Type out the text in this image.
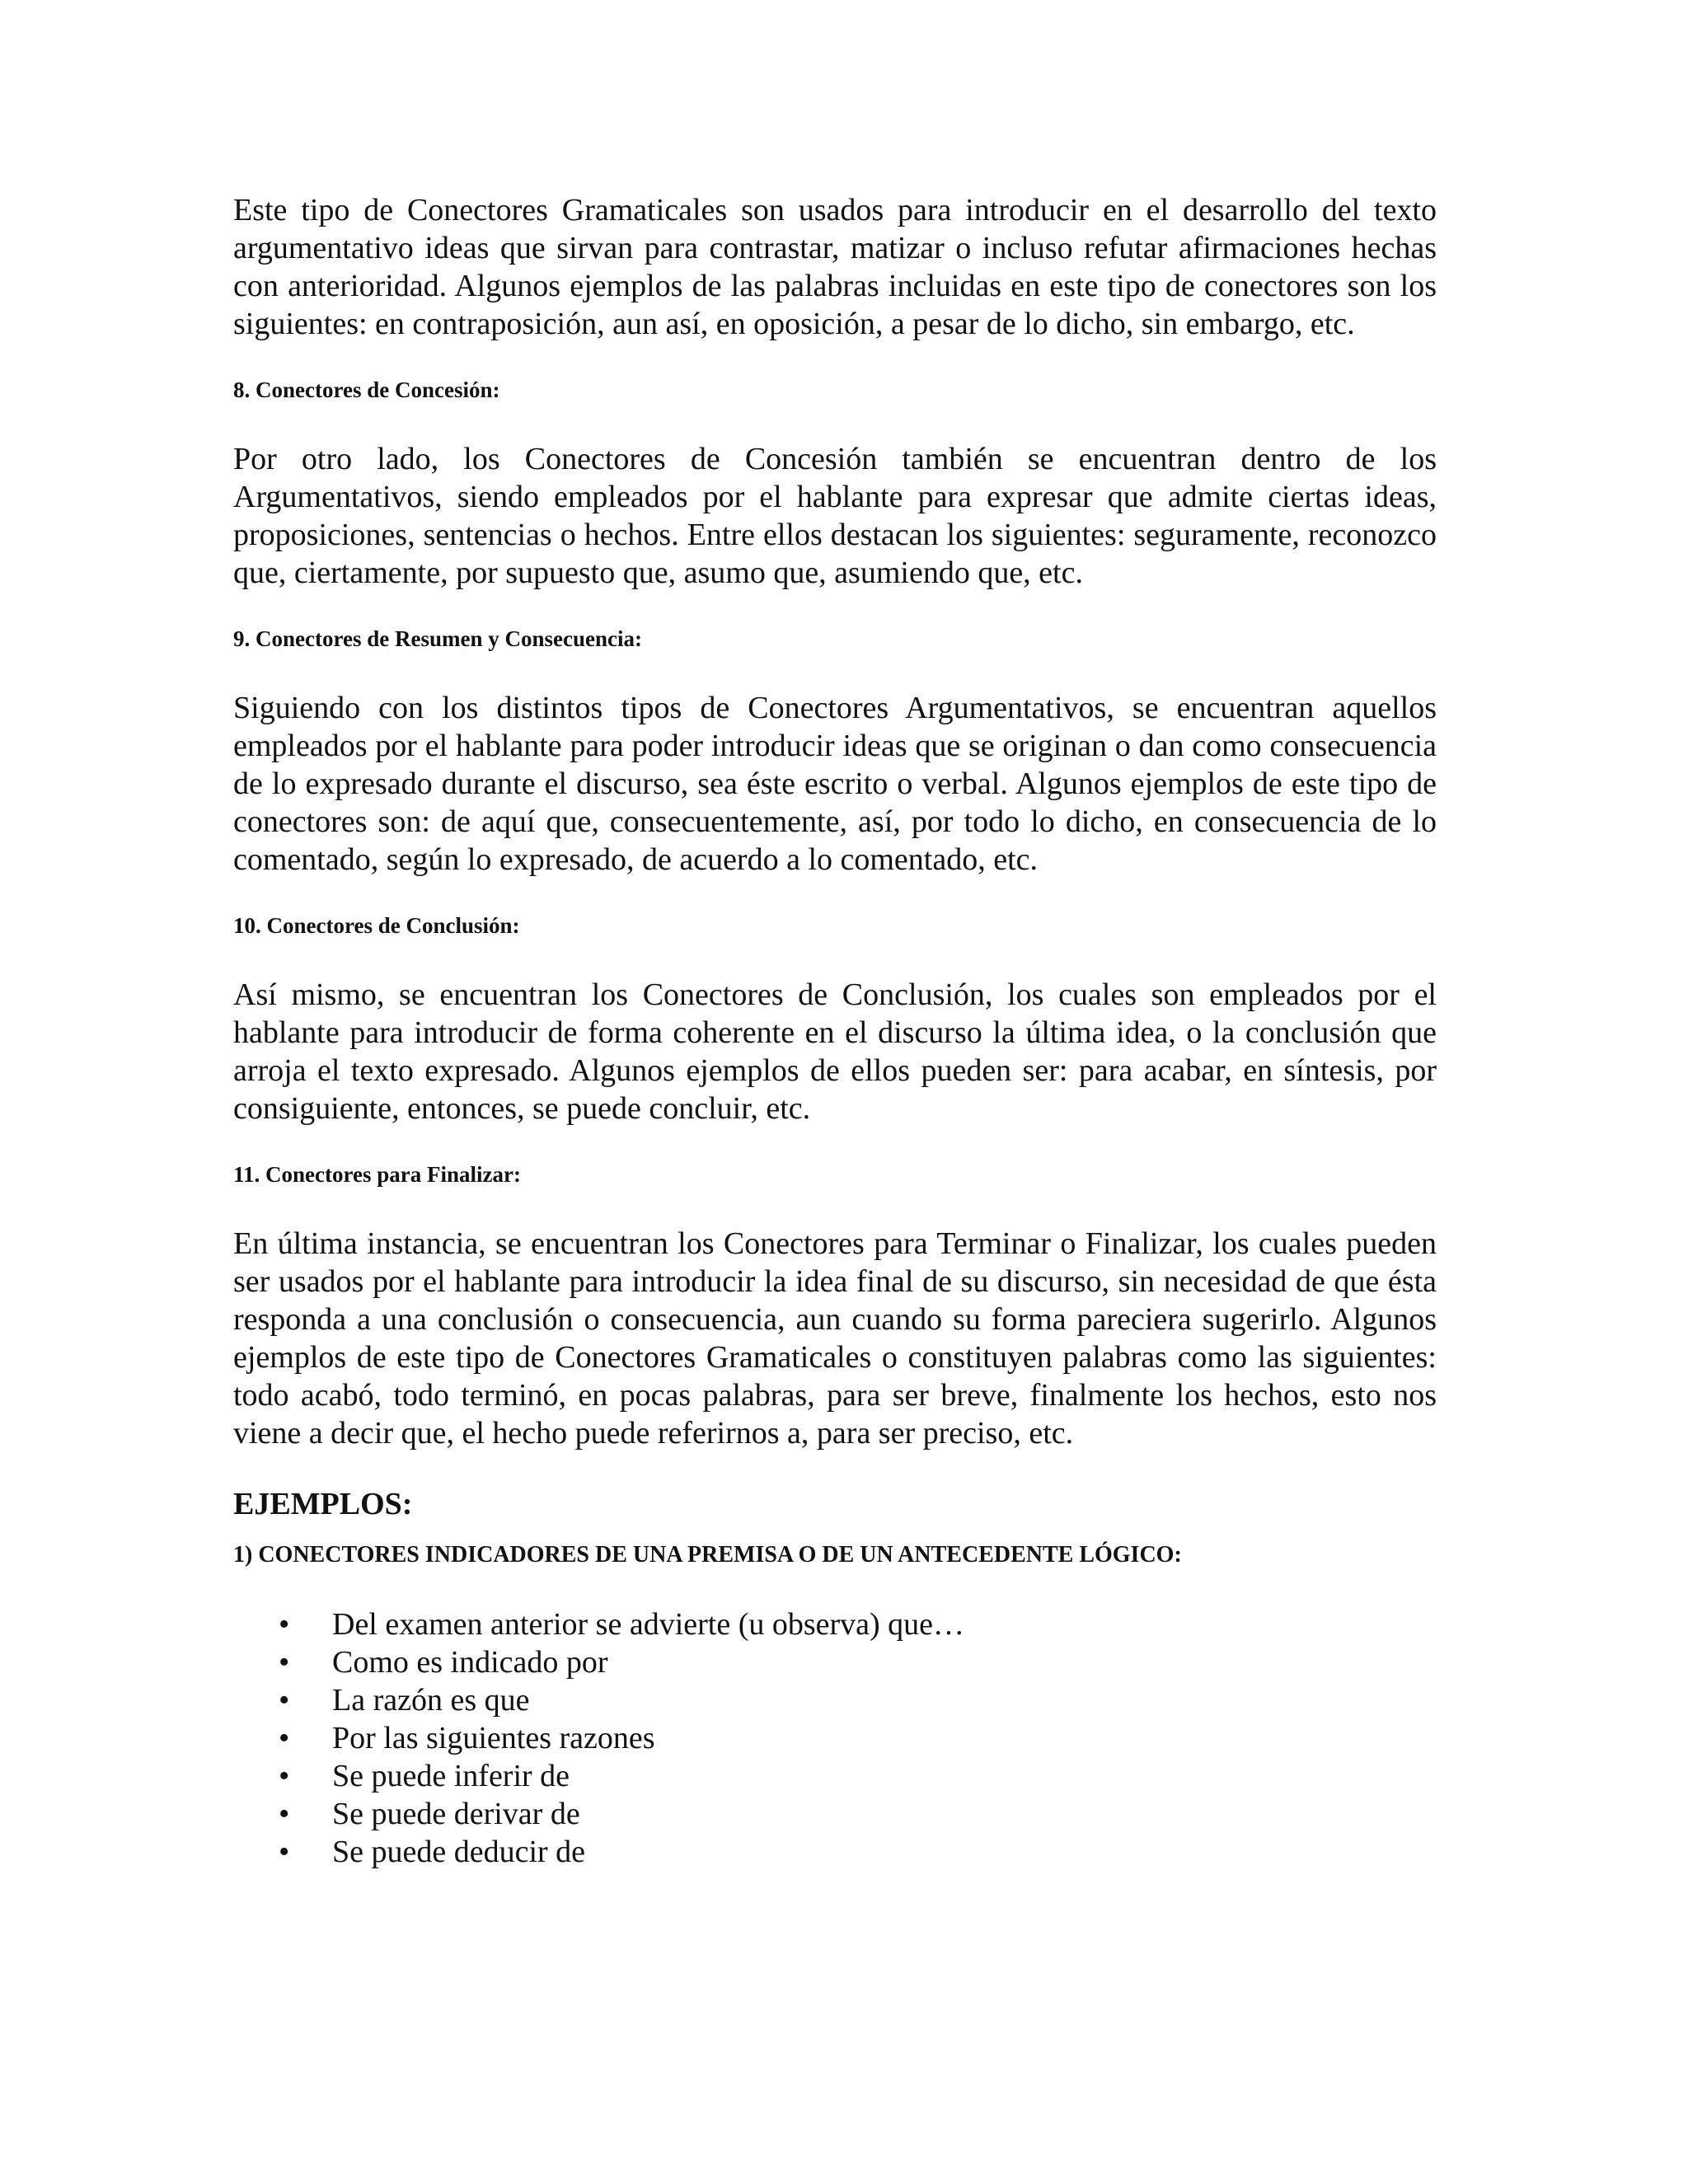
Este tipo de Conectores Gramaticales son usados para introducir en el desarrollo del texto argumentativo ideas que sirvan para contrastar, matizar o incluso refutar afirmaciones hechas con anterioridad. Algunos ejemplos de las palabras incluidas en este tipo de conectores son los siguientes: en contraposición, aun así, en oposición, a pesar de lo dicho, sin embargo, etc.

8. Conectores de Concesión:

Por otro lado, los Conectores de Concesión también se encuentran dentro de los Argumentativos, siendo empleados por el hablante para expresar que admite ciertas ideas, proposiciones, sentencias o hechos. Entre ellos destacan los siguientes: seguramente, reconozco que, ciertamente, por supuesto que, asumo que, asumiendo que, etc.

9. Conectores de Resumen y Consecuencia:

Siguiendo con los distintos tipos de Conectores Argumentativos, se encuentran aquellos empleados por el hablante para poder introducir ideas que se originan o dan como consecuencia de lo expresado durante el discurso, sea éste escrito o verbal. Algunos ejemplos de este tipo de conectores son: de aquí que, consecuentemente, así, por todo lo dicho, en consecuencia de lo comentado, según lo expresado, de acuerdo a lo comentado, etc.

10. Conectores de Conclusión:

Así mismo, se encuentran los Conectores de Conclusión, los cuales son empleados por el hablante para introducir de forma coherente en el discurso la última idea, o la conclusión que arroja el texto expresado. Algunos ejemplos de ellos pueden ser: para acabar, en síntesis, por consiguiente, entonces, se puede concluir, etc.

11. Conectores para Finalizar:

En última instancia, se encuentran los Conectores para Terminar o Finalizar, los cuales pueden ser usados por el hablante para introducir la idea final de su discurso, sin necesidad de que ésta responda a una conclusión o consecuencia, aun cuando su forma pareciera sugerirlo. Algunos ejemplos de este tipo de Conectores Gramaticales o constituyen palabras como las siguientes: todo acabó, todo terminó, en pocas palabras, para ser breve, finalmente los hechos, esto nos viene a decir que, el hecho puede referirnos a, para ser preciso, etc.

EJEMPLOS:

1) CONECTORES INDICADORES DE UNA PREMISA O DE UN ANTECEDENTE LÓGICO:

• Del examen anterior se advierte (u observa) que…
• Como es indicado por
• La razón es que
• Por las siguientes razones
• Se puede inferir de
• Se puede derivar de
• Se puede deducir de
